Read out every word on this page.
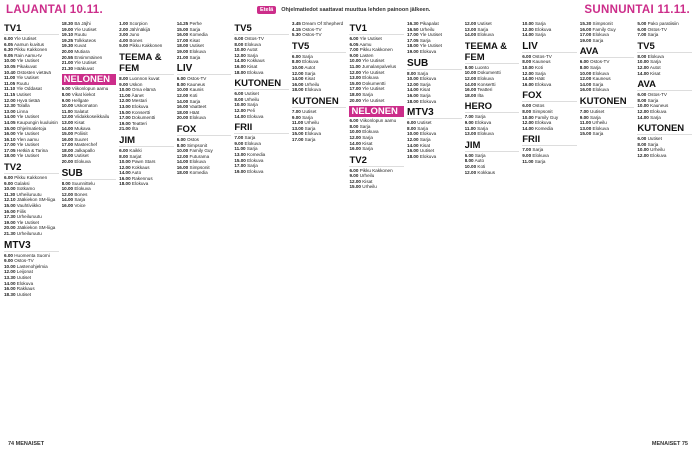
LAUANTAI 10.11.	Etelä	Ohjelmatiedot saattavat muuttua lehden painoon jälkeen.	SUNNUNTAI 11.11.
TV1
6.00 Yle Uutiset
6.05 Aamun kuvitus
6.30 Pikku Kakkonen
9.05 Rain Aamu-tv
10.00 Yle Uutiset
10.05 Pikakuvat
10.40 Ostosten vietävä
11.00 Yle Uutiset
11.05 Ruutu
11.10 Yle Oddasat
11.15 Uutiset
12.00 Hyvä tietää
12.30 Tolalla
13.00 Linna
14.00 Yle Uutiset
14.05 Kaupungin kuuluisin
15.00 Ohjelmatietoja
16.00 Yle Uutiset
16.10 Ylen aamu
17.00 Yle Uutiset
17.05 Hetkiä & Tarina
18.00 Yle Uutiset
TV2
6.00 Pikku Kakkonen
9.00 Galaksi
10.00 Sotkamo
11.30 Urheiluruutu
12.10 Jääkiekon SM-liiga
15.00 Vauhtiviikko
16.00 Fiilis
17.30 Urheiluruutu
19.00 Yle Uutiset
20.00 Jääkiekon SM-liiga
21.30 Urheiluruutu
MTV3
6.00 Huomenta Suomi
9.00 Ostos-TV
10.00 Lastenohjelmia
12.00 Leijonat
13.30 Uutiset
14.00 Elokuva
16.00 Rakkaus
18.30 Uutiset
18.30 Bä Jäjhi
19.00 Yle Uutiset
19.10 Ruutu
19.25 Tolkkuteos
19.30 Kuvat
20.00 Mutiara
20.55 Ensimmäinen
21.00 Yle Uutiset
21.30 Hääkuvat
NELONEN
6.00 Viikonlopun aamu
8.00 Vikat kiekot
9.00 Hellgate
10.00 Uskomaton
11.00 Salatut
12.00 Viidakkoseikkailu
13.00 Kisat
14.00 Mukava
15.00 Poliisit
16.00 Suuret
17.00 Masterchef
18.00 Jalkapallo
19.00 Uutiset
20.00 Elokuva
SUB
8.00 Suunnittelu
10.00 Elokuva
12.00 Bones
14.00 Sarja
16.00 Voice
1.00 Scorpion
2.00 Jäh/näkijä
3.00 Juno
4.00 Bones
5.00 Pikku Kakkonen
TEEMA & FEM
8.00 Luonnon kuvat
9.00 Uskon
10.00 Oma elämä
11.00 Äänet
12.00 Mestari
13.00 Elokuva
15.00 Konsertti
17.00 Dokumentti
19.00 Teatteri
21.00 Ilta
JIM
6.00 Kaikki
8.00 Sarjat
10.00 Pawn Stars
12.00 Kokkaus
14.00 Auto
16.00 Rakennus
18.00 Elokuva
14.25 Perhe
15.00 Sarja
16.00 Komedia
17.00 Kisat
18.00 Uutiset
19.00 Elokuva
21.00 Sarja
LIV
6.00 Ostos-TV
8.00 Kauneus
10.00 Kaunis
12.00 Koti
14.00 Sarja
16.00 Vaatteet
18.00 Häät
20.00 Elokuva
FOX
6.00 Ostos
8.00 Simpsonit
10.00 Family Guy
12.00 Futurama
14.00 Elokuva
16.00 Simpsonit
18.00 Komedia
TV5
6.00 Ostos-TV
8.00 Elokuva
10.00 Autot
12.00 Sarja
14.00 Kokkaus
16.00 Kisat
18.00 Elokuva
KUTONEN
6.00 Uutiset
8.00 Urheilu
10.00 Sarja
12.00 Peli
14.00 Elokuva
FRII
7.00 Sarja
9.00 Elokuva
11.00 Sarja
13.00 Komedia
15.00 Elokuva
17.00 Sarja
19.00 Elokuva
3.45 Dream Of Shepherd
4.15 Ostos-TV
5.30 Ostos-TV
TV5
6.00 Sarja
8.00 Elokuva
10.00 Autot
12.00 Sarja
14.00 Kisat
16.00 Urheilu
18.00 Elokuva
KUTONEN
7.00 Uutiset
9.00 Sarja
11.00 Urheilu
13.00 Sarja
15.00 Elokuva
17.00 Sarja
TV1
6.00 Yle Uutiset
6.05 Aamu
7.00 Pikku Kakkonen
9.00 Lasten
10.00 Yle Uutiset
11.00 Jumalanpalvelus
12.00 Yle Uutiset
13.00 Elokuva
15.00 Dokumentti
17.00 Yle Uutiset
18.00 Sarja
20.00 Yle Uutiset
NELONEN
6.00 Viikonlopun aamu
8.00 Sarja
10.00 Elokuva
12.00 Sarja
14.00 Kisat
16.00 Sarja
TV2
6.00 Pikku Kakkonen
9.00 Urheilu
12.00 Kisat
15.00 Urheilu
16.30 Pikapalat
16.50 Urheilu
17.00 Yle Uutiset
17.05 Sarja
18.00 Yle Uutiset
19.00 Elokuva
SUB
8.00 Sarja
10.00 Elokuva
12.00 Sarja
14.00 Kisat
16.00 Sarja
18.00 Elokuva
MTV3
6.00 Uutiset
8.00 Sarja
10.00 Elokuva
12.00 Sarja
14.00 Kisat
16.00 Uutiset
18.00 Elokuva
12.00 Uutiset
13.00 Sarja
14.00 Elokuva
TEEMA & FEM
8.00 Luonto
10.00 Dokumentti
12.00 Elokuva
14.00 Konsertti
16.00 Teatteri
18.00 Ilta
HERO
7.00 Sarja
9.00 Elokuva
11.00 Sarja
13.00 Elokuva
JIM
6.00 Sarja
8.00 Auto
10.00 Koti
12.00 Kokkaus
10.00 Sarja
12.00 Elokuva
14.00 Sarja
LIV
6.00 Ostos-TV
8.00 Kauneus
10.00 Koti
12.00 Sarja
14.00 Häät
16.00 Elokuva
FOX
6.00 Ostos
8.00 Simpsonit
10.00 Family Guy
12.00 Elokuva
14.00 Komedia
FRII
7.00 Sarja
9.00 Elokuva
11.00 Sarja
15.30 Simpsonit
16.00 Family Guy
17.00 Elokuva
19.00 Sarja
AVA
6.00 Ostos-TV
8.00 Sarja
10.00 Elokuva
12.00 Kauneus
14.00 Sarja
16.00 Elokuva
KUTONEN
7.00 Uutiset
9.00 Sarja
11.00 Urheilu
13.00 Elokuva
15.00 Sarja
5.00 Pako paratiisiin
6.00 Ostos-TV
7.00 Sarja
TV5
8.00 Elokuva
10.00 Sarja
12.00 Autot
14.00 Kisat
AVA
6.00 Ostos-TV
8.00 Sarja
10.00 Kauneus
12.00 Elokuva
14.00 Sarja
KUTONEN
6.00 Uutiset
8.00 Sarja
10.00 Urheilu
12.00 Elokuva
74 MENAISET	MENAISET 75
